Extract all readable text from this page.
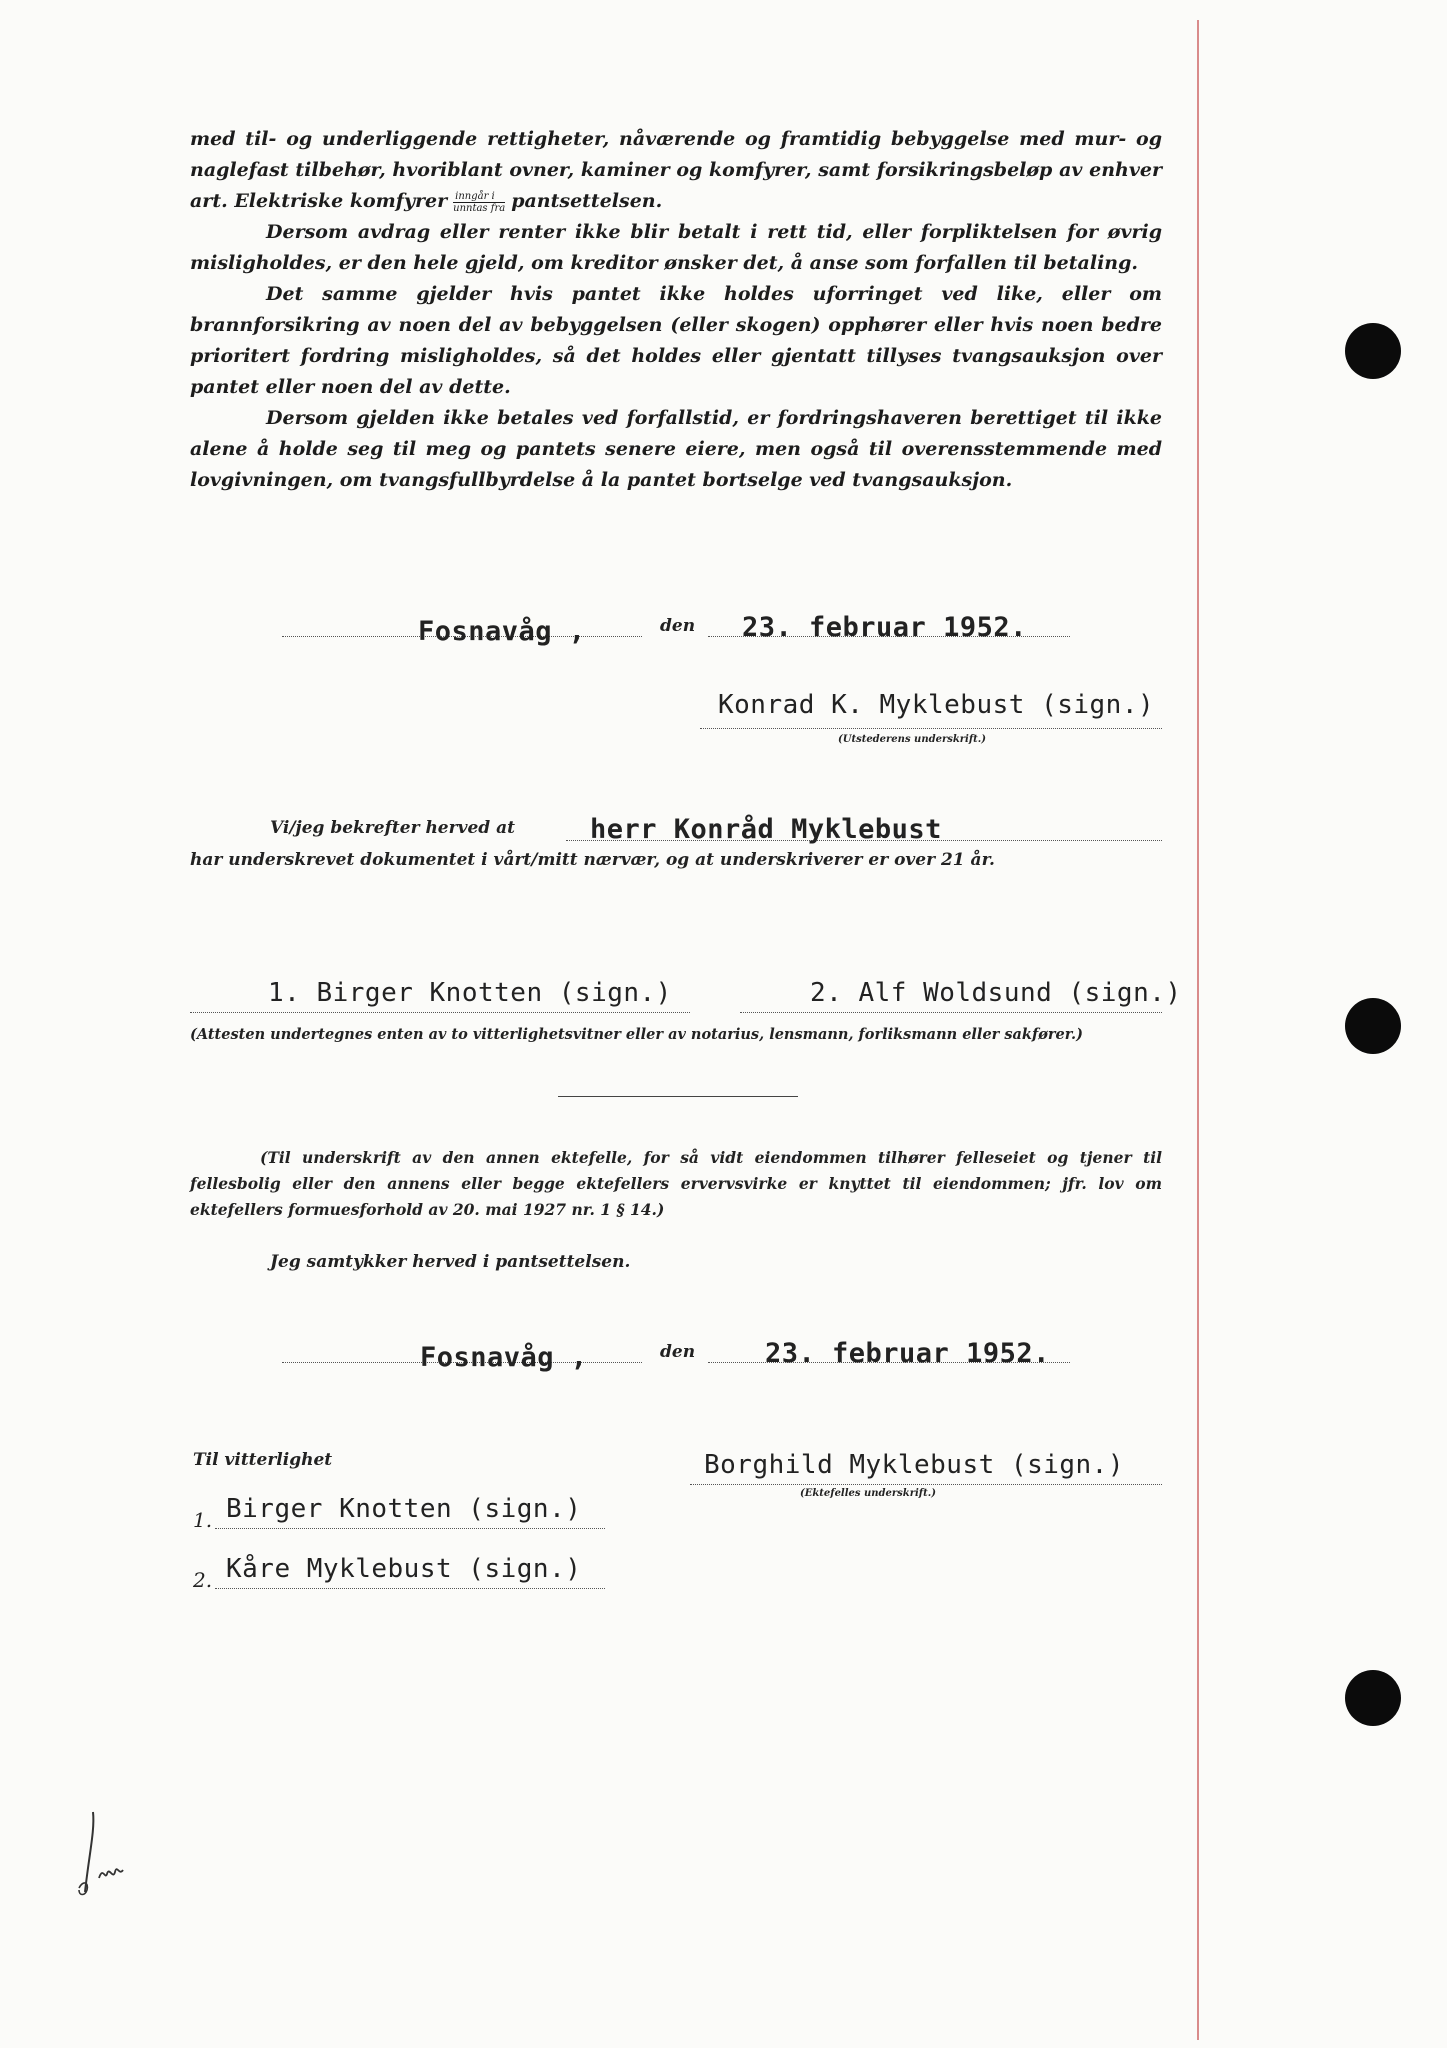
med til- og underliggende rettigheter, nåværende og framtidig bebyggelse med mur- og naglefast tilbehør, hvoriblant ovner, kaminer og komfyrer, samt forsikringsbeløp av enhver art. Elektriske komfyrer $\frac{\text{inngår i}}{\text{unntas fra}}$ pantsettelsen.

Dersom avdrag eller renter ikke blir betalt i rett tid, eller forpliktelsen for øvrig misligholdes, er den hele gjeld, om kreditor ønsker det, å anse som forfallen til betaling.

Det samme gjelder hvis pantet ikke holdes uforringet ved like, eller om brannforsikring av noen del av bebyggelsen (eller skogen) opphører eller hvis noen bedre prioritert fordring misligholdes, så det holdes eller gjentatt tillyses tvangsauksjon over pantet eller noen del av dette.

Dersom gjelden ikke betales ved forfallstid, er fordringshaveren berettiget til ikke alene å holde seg til meg og pantets senere eiere, men også til overensstemmende med lovgivningen, om tvangsfullbyrdelse å la pantet bortselge ved tvangsauksjon.

Fosnavåg ,	den 23. februar 1952.
Konrad K. Myklebust (sign.)
(Utstederens underskrift.)
Vi/jeg bekrefter herved at	herr Konråd Myklebust
har underskrevet dokumentet i vårt/mitt nærvær, og at underskriverer er over 21 år.
1. Birger Knotten (sign.)	2. Alf Woldsund (sign.)
(Attesten undertegnes enten av to vitterlighetsvitner eller av notarius, lensmann, forliksmann eller sakfører.)
(Til underskrift av den annen ektefelle, for så vidt eiendommen tilhører felleseiet og tjener til fellesbolig eller den annens eller begge ektefellers ervervsvirke er knyttet til eiendommen; jfr. lov om ektefellers formuesforhold av 20. mai 1927 nr. 1 § 14.)
Jeg samtykker herved i pantsettelsen.
Fosnavåg ,	den	23. februar 1952.
Til vitterlighet
1. Birger Knotten (sign.)
2. Kåre Myklebust (sign.)
Borghild Myklebust (sign.)
(Ektefelles underskrift.)
